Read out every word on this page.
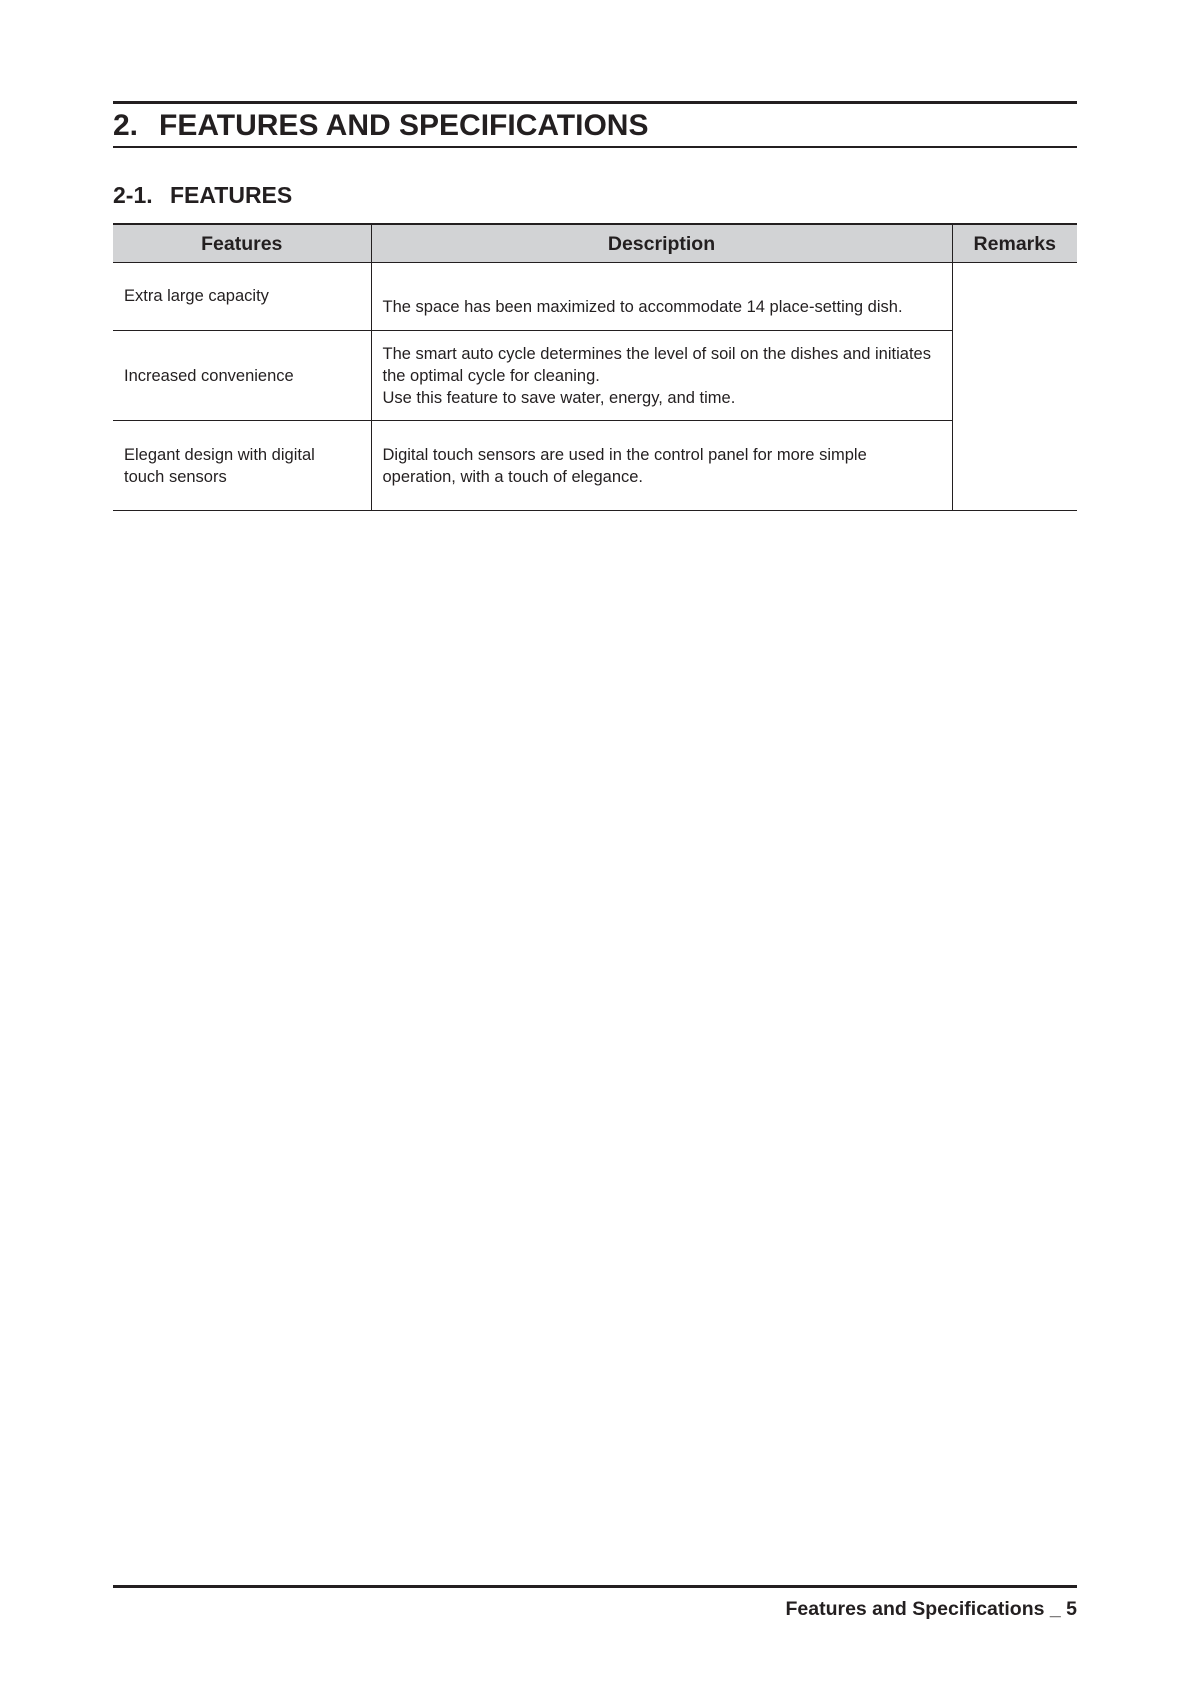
2. FEATURES AND SPECIFICATIONS
2-1. FEATURES
Features	Description	Remarks
Extra large capacity	The space has been maximized to accommodate 14 place-setting dish.	

Increased convenience	The smart auto cycle determines the level of soil on the dishes and initiates the optimal cycle for cleaning.
Use this feature to save water, energy, and time.	

Elegant design with digital touch sensors	Digital touch sensors are used in the control panel for more simple operation, with a touch of elegance.	
Features and Specifications _ 5
